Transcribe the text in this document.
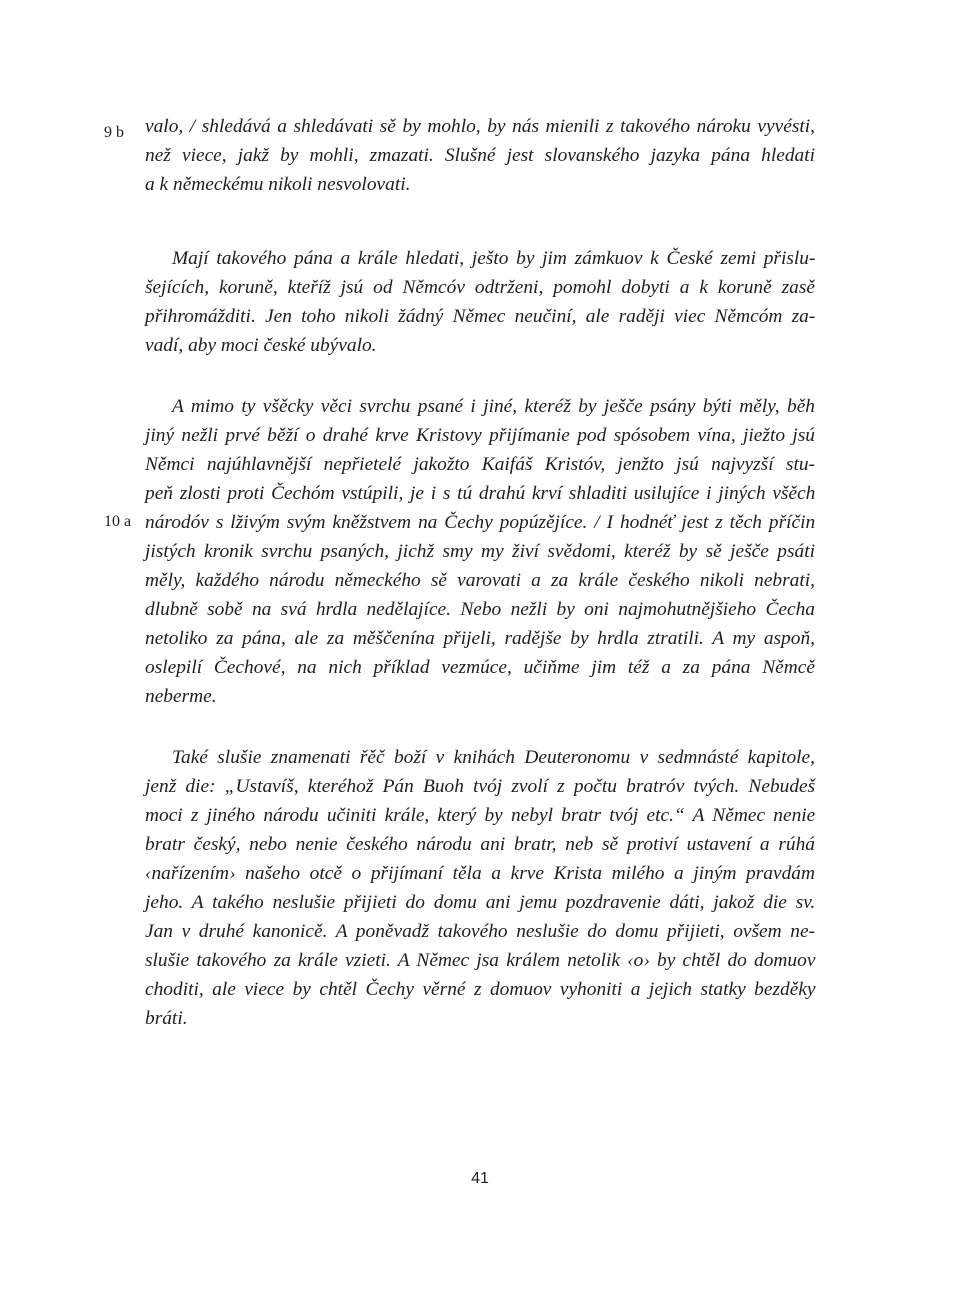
9 b
10 a
valo, / shledává a shledávati sě by mohlo, by nás mienili z takového nároku vyvésti,
než viece, jakž by mohli, zmazati. Slušné jest slovanského jazyka pána hledati
a k německému nikoli nesvolovati.
Mají takového pána a krále hledati, ješto by jim zámkuov k České zemi přislu-
šejících, koruně, kteříž jsú od Němcóv odtrženi, pomohl dobyti a k koruně zasě
přihromážditi. Jen toho nikoli žádný Němec neučiní, ale raději viec Němcóm za-
vadí, aby moci české ubývalo.
A mimo ty všěcky věci svrchu psané i jiné, kteréž by ješče psány býti měly, běh
jiný nežli prvé běží o drahé krve Kristovy přijímanie pod spósobem vína, jiežto jsú
Němci najúhlavnější nepřietelé jakožto Kaifáš Kristóv, jenžto jsú najvyzší stu-
peň zlosti proti Čechóm vstúpili, je i s tú drahú krví shladiti usilujíce i jiných všěch
národóv s lživým svým kněžstvem na Čechy popúzějíce. / I hodnéť jest z těch příčin
jistých kronik svrchu psaných, jichž smy my živí svědomi, kteréž by sě ješče psáti
měly, každého národu německého sě varovati a za krále českého nikoli nebrati,
dlubně sobě na svá hrdla nedělajíce. Nebo nežli by oni najmohutnějšieho Čecha
netoliko za pána, ale za měščenína přijeli, radějše by hrdla ztratili. A my aspoň,
oslepilí Čechové, na nich příklad vezmúce, učiňme jim též a za pána Němcě
neberme.
Také slušie znamenati řěč boží v knihách Deuteronomu v sedmnásté kapitole,
jenž die: „Ustavíš, kteréhož Pán Buoh tvój zvolí z počtu bratróv tvých. Nebudeš
moci z jiného národu učiniti krále, který by nebyl bratr tvój etc.“ A Němec nenie
bratr český, nebo nenie českého národu ani bratr, neb sě protiví ustavení a rúhá
‹nařízením› našeho otcě o přijímaní těla a krve Krista milého a jiným pravdám
jeho. A takého neslušie přijieti do domu ani jemu pozdravenie dáti, jakož die sv.
Jan v druhé kanonicě. A poněvadž takového neslušie do domu přijieti, ovšem ne-
slušie takového za krále vzieti. A Němec jsa králem netolik ‹o› by chtěl do domuov
choditi, ale viece by chtěl Čechy věrné z domuov vyhoniti a jejich statky bezděky
bráti.
41
